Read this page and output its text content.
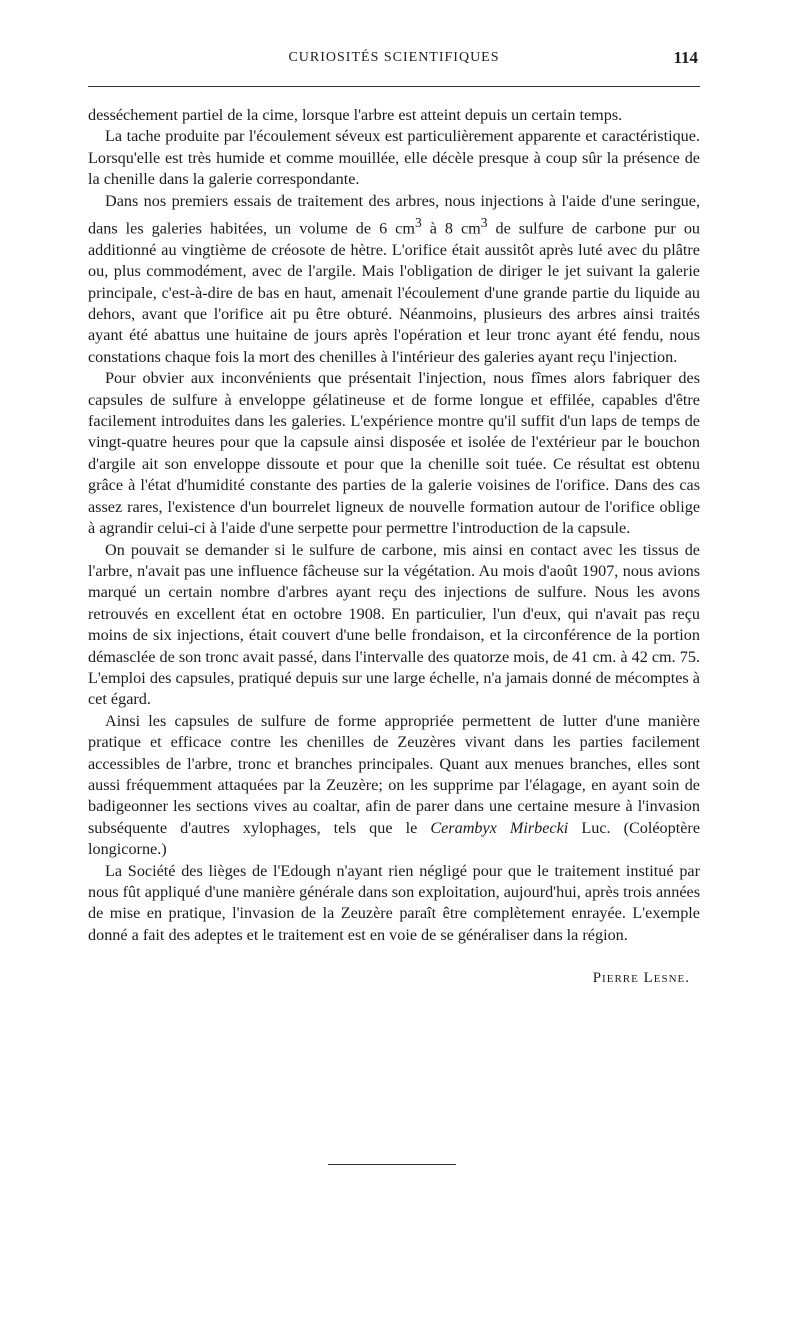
CURIOSITÉS SCIENTIFIQUES	114

desséchement partiel de la cime, lorsque l'arbre est atteint depuis un certain temps.

La tache produite par l'écoulement séveux est particulièrement apparente et caractéristique. Lorsqu'elle est très humide et comme mouillée, elle décèle presque à coup sûr la présence de la chenille dans la galerie correspondante.

Dans nos premiers essais de traitement des arbres, nous injections à l'aide d'une seringue, dans les galeries habitées, un volume de 6 $cm^3$ à 8 $cm^3$ de sulfure de carbone pur ou additionné au vingtième de créosote de hètre. L'orifice était aussitôt après luté avec du plâtre ou, plus commodément, avec de l'argile. Mais l'obligation de diriger le jet suivant la galerie principale, c'est-à-dire de bas en haut, amenait l'écoulement d'une grande partie du liquide au dehors, avant que l'orifice ait pu être obturé. Néanmoins, plusieurs des arbres ainsi traités ayant été abattus une huitaine de jours après l'opération et leur tronc ayant été fendu, nous constations chaque fois la mort des chenilles à l'intérieur des galeries ayant reçu l'injection.

Pour obvier aux inconvénients que présentait l'injection, nous fîmes alors fabriquer des capsules de sulfure à enveloppe gélatineuse et de forme longue et effilée, capables d'être facilement introduites dans les galeries. L'expérience montre qu'il suffit d'un laps de temps de vingt-quatre heures pour que la capsule ainsi disposée et isolée de l'extérieur par le bouchon d'argile ait son enveloppe dissoute et pour que la chenille soit tuée. Ce résultat est obtenu grâce à l'état d'humidité constante des parties de la galerie voisines de l'orifice. Dans des cas assez rares, l'existence d'un bourrelet ligneux de nouvelle formation autour de l'orifice oblige à agrandir celui-ci à l'aide d'une serpette pour permettre l'introduction de la capsule.

On pouvait se demander si le sulfure de carbone, mis ainsi en contact avec les tissus de l'arbre, n'avait pas une influence fâcheuse sur la végétation. Au mois d'août 1907, nous avions marqué un certain nombre d'arbres ayant reçu des injections de sulfure. Nous les avons retrouvés en excellent état en octobre 1908. En particulier, l'un d'eux, qui n'avait pas reçu moins de six injections, était couvert d'une belle frondaison, et la circonférence de la portion démasclée de son tronc avait passé, dans l'intervalle des quatorze mois, de 41 cm. à 42 cm. 75. L'emploi des capsules, pratiqué depuis sur une large échelle, n'a jamais donné de mécomptes à cet égard.

Ainsi les capsules de sulfure de forme appropriée permettent de lutter d'une manière pratique et efficace contre les chenilles de Zeuzères vivant dans les parties facilement accessibles de l'arbre, tronc et branches principales. Quant aux menues branches, elles sont aussi fréquemment attaquées par la Zeuzère; on les supprime par l'élagage, en ayant soin de badigeonner les sections vives au coaltar, afin de parer dans une certaine mesure à l'invasion subséquente d'autres xylophages, tels que le Cerambyx Mirbecki Luc. (Coléoptère longicorne.)

La Société des lièges de l'Edough n'ayant rien négligé pour que le traitement institué par nous fût appliqué d'une manière générale dans son exploitation, aujourd'hui, après trois années de mise en pratique, l'invasion de la Zeuzère paraît être complètement enrayée. L'exemple donné a fait des adeptes et le traitement est en voie de se généraliser dans la région.

Pierre Lesne.
